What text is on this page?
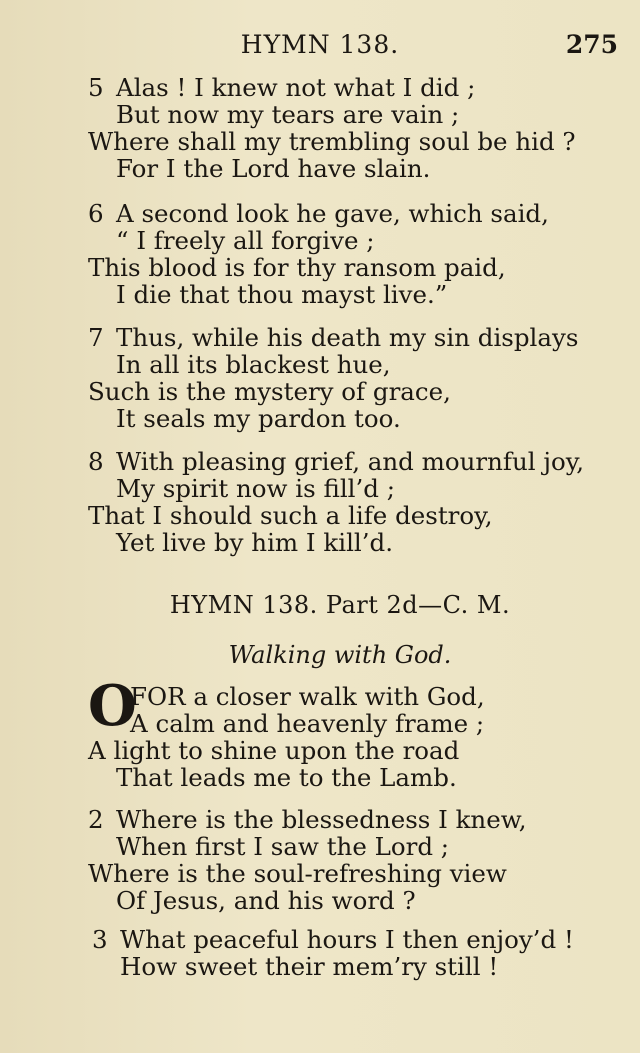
HYMN 138.	275
5 Alas ! I knew not what I did ;
But now my tears are vain ;
Where shall my trembling soul be hid ?
For I the Lord have slain.
6 A second look he gave, which said,
“ I freely all forgive ;
This blood is for thy ransom paid,
I die that thou mayst live.”
7 Thus, while his death my sin displays
In all its blackest hue,
Such is the mystery of grace,
It seals my pardon too.
8 With pleasing grief, and mournful joy,
My spirit now is fill’d ;
That I should such a life destroy,
Yet live by him I kill’d.
HYMN 138. Part 2d—C. M.
Walking with God.
O
FOR a closer walk with God,
A calm and heavenly frame ;
A light to shine upon the road
That leads me to the Lamb.
2 Where is the blessedness I knew,
When first I saw the Lord ;
Where is the soul-refreshing view
Of Jesus, and his word ?
3 What peaceful hours I then enjoy’d !
How sweet their mem’ry still !
